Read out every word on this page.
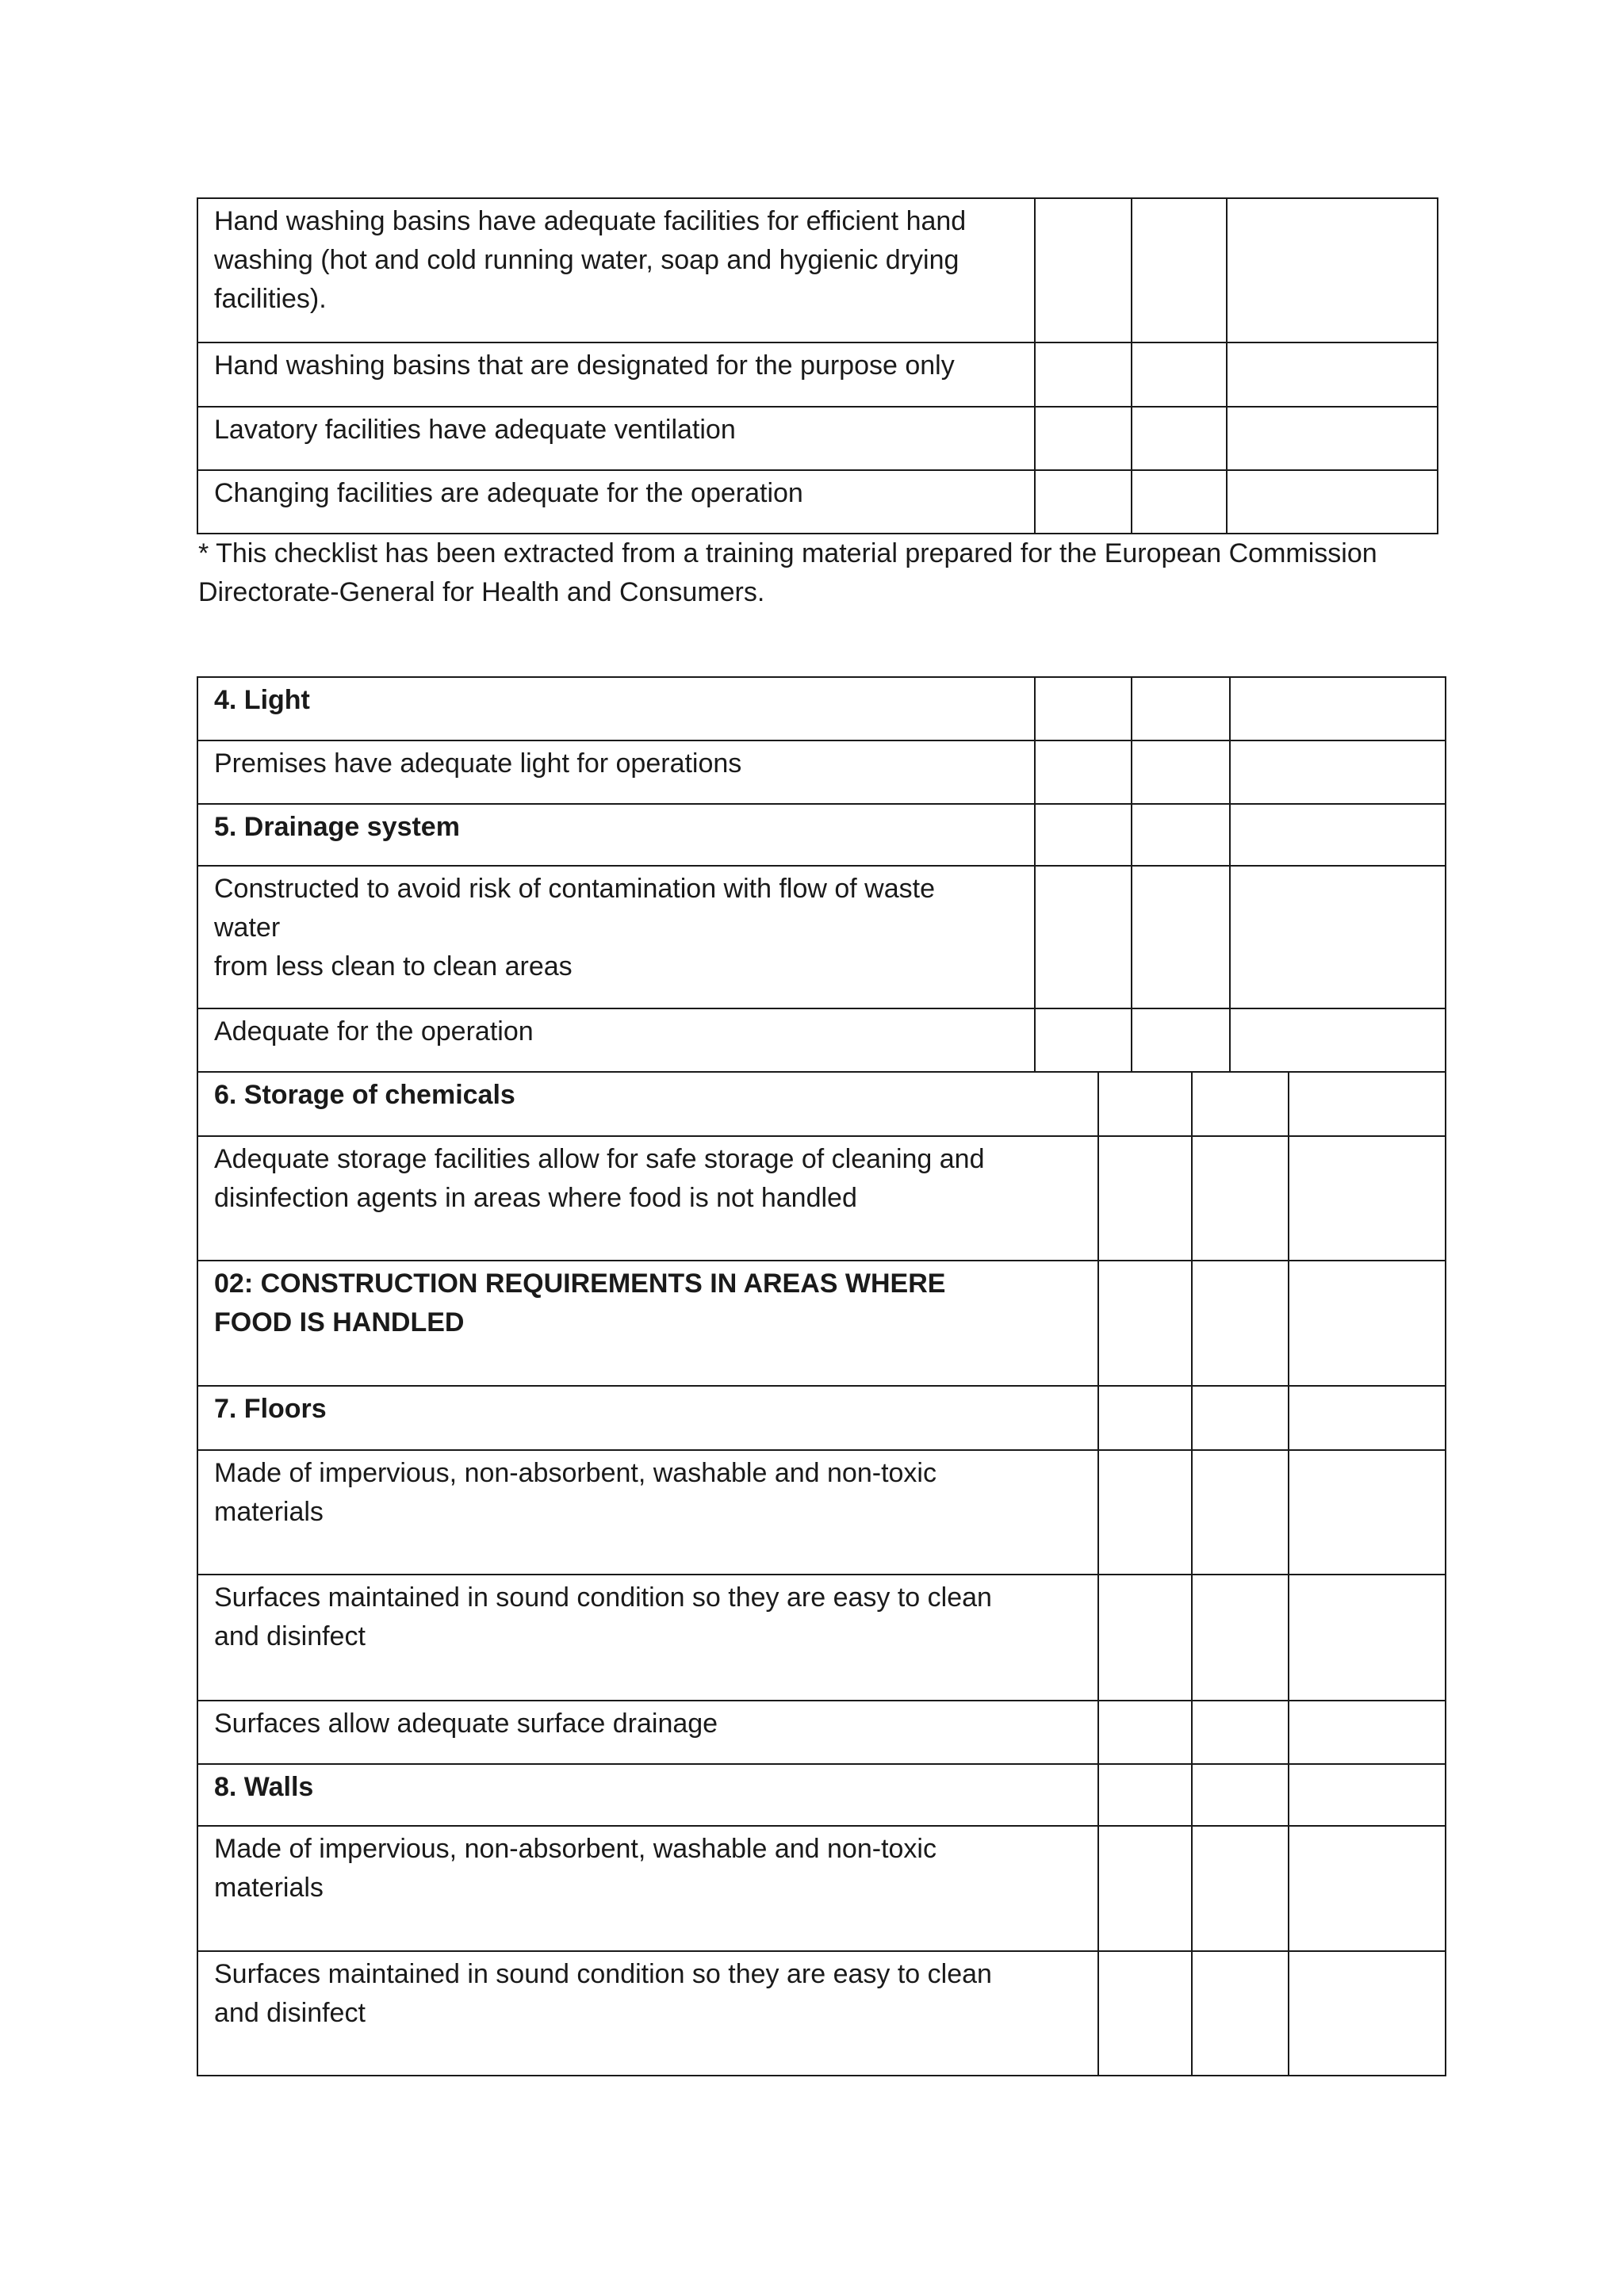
Hand washing basins have adequate facilities for efficient hand
washing (hot and cold running water, soap and hygienic drying
facilities).			
Hand washing basins that are designated for the purpose only			
Lavatory facilities have adequate ventilation			
Changing facilities are adequate for the operation			
* This checklist has been extracted from a training material prepared for the European Commission
Directorate-General for Health and Consumers.
4. Light			
Premises have adequate light for operations			
5. Drainage system			
Constructed to avoid risk of contamination with flow of waste
water
from less clean to clean areas			
Adequate for the operation			
6. Storage of chemicals			
Adequate storage facilities allow for safe storage of cleaning and
disinfection agents in areas where food is not handled			
02: CONSTRUCTION REQUIREMENTS IN AREAS WHERE
FOOD IS HANDLED			
7. Floors			
Made of impervious, non-absorbent, washable and non-toxic
materials			
Surfaces maintained in sound condition so they are easy to clean
and disinfect			
Surfaces allow adequate surface drainage			
8. Walls			
Made of impervious, non-absorbent, washable and non-toxic
materials			
Surfaces maintained in sound condition so they are easy to clean
and disinfect			
